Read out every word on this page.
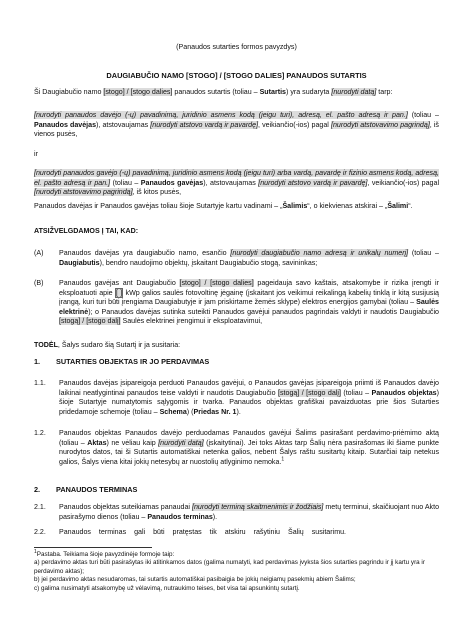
(Panaudos sutarties formos pavyzdys)
DAUGIABUČIO NAMO [STOGO] / [STOGO DALIES] PANAUDOS SUTARTIS
Ši Daugiabučio namo [stogo] / [stogo dalies] panaudos sutartis (toliau – Sutartis) yra sudaryta [nurodyti datą] tarp:
[nurodyti panaudos davėjo (-ų) pavadinimą, juridinio asmens kodą (jeigu turi), adresą, el. pašto adresą ir pan.] (toliau – Panaudos davėjas), atstovaujamas [nurodyti atstovo vardą ir pavardę], veikiančio(-ios) pagal [nurodyti atstovavimo pagrindą], iš vienos pusės,
ir
[nurodyti panaudos gavėjo (-ų) pavadinimą, juridinio asmens kodą (jeigu turi) arba vardą, pavardę ir fizinio asmens kodą, adresą, el. pašto adresą ir pan.] (toliau – Panaudos gavėjas), atstovaujamas [nurodyti atstovo vardą ir pavardę], veikiančio(-ios) pagal [nurodyti atstovavimo pagrindą], iš kitos pusės,
Panaudos davėjas ir Panaudos gavėjas toliau šioje Sutartyje kartu vadinami – „Šalimis“, o kiekvienas atskirai – „Šalimi“.
ATSIŽVELGDAMOS Į TAI, KAD:
(A)	Panaudos davėjas yra daugiabučio namo, esančio [nurodyti daugiabučio namo adresą ir unikalų numerį] (toliau – Daugiabutis), bendro naudojimo objektų, įskaitant Daugiabučio stogą, savininkas;
(B)	Panaudos gavėjas ant Daugiabučio [stogo] / [stogo dalies] pageidauja savo kaštais, atsakomybe ir rizika įrengti ir eksploatuoti apie [ ] kWp galios saulės fotovoltinę jėgainę (įskaitant jos veikimui reikalingą kabelių tinklą ir kitą susijusią įrangą, kuri turi būti įrengiama Daugiabutyje ir jam priskirtame žemės sklype) elektros energijos gamybai (toliau – Saulės elektrinė); o Panaudos davėjas sutinka suteikti Panaudos gavėjui panaudos pagrindais valdyti ir naudotis Daugiabučio [stogą] / [stogo dalį] Saulės elektrinei įrengimui ir eksploatavimui,
TODĖL, Šalys sudaro šią Sutartį ir ja susitaria:
1. SUTARTIES OBJEKTAS IR JO PERDAVIMAS
1.1.	Panaudos davėjas įsipareigoja perduoti Panaudos gavėjui, o Panaudos gavėjas įsipareigoja priimti iš Panaudos davėjo laikinai neatlygintinai panaudos teise valdyti ir naudotis Daugiabučio [stogą] / [stogo dalį] (toliau – Panaudos objektas) šioje Sutartyje numatytomis sąlygomis ir tvarka. Panaudos objektas grafiškai pavaizduotas prie šios Sutarties pridedamoje schemoje (toliau – Schema) (Priedas Nr. 1).
1.2.	Panaudos objektas Panaudos davėjo perduodamas Panaudos gavėjui Šalims pasirašant perdavimo-priėmimo aktą (toliau – Aktas) ne vėliau kaip [nurodyti datą] (įskaitytinai). Jei toks Aktas tarp Šalių nėra pasirašomas iki šiame punkte nurodytos datos, tai ši Sutartis automatiškai netenka galios, nebent Šalys raštu susitartų kitaip. Sutarčiai taip netekus galios, Šalys viena kitai jokių netesybų ar nuostolių atlyginimo nemoka.$^1$
2. PANAUDOS TERMINAS
2.1.	Panaudos objektas suteikiamas panaudai [nurodyti terminą skaitmenimis ir žodžiais] metų terminui, skaičiuojant nuo Akto pasirašymo dienos (toliau – Panaudos terminas).
2.2.	Panaudos terminas gali būti pratęstas tik atskiru rašytiniu Šalių susitarimu.
$^1$Pastaba. Teikiama šioje pavyzdinėje formoje taip:
a) perdavimo aktas turi būti pasirašytas iki atitinkamos datos (galima numatyti, kad perdavimas įvyksta šios sutarties pagrindu ir jį kartu yra ir perdavimo aktas);
b) jei perdavimo aktas nesudaromas, tai sutartis automatiškai pasibaigia be jokių neigiamų pasekmių abiem Šalims;
c) galima nusimatyti atsakomybę už vėlavimą, nutraukimo teises, bet visa tai apsunkintų sutartį.
